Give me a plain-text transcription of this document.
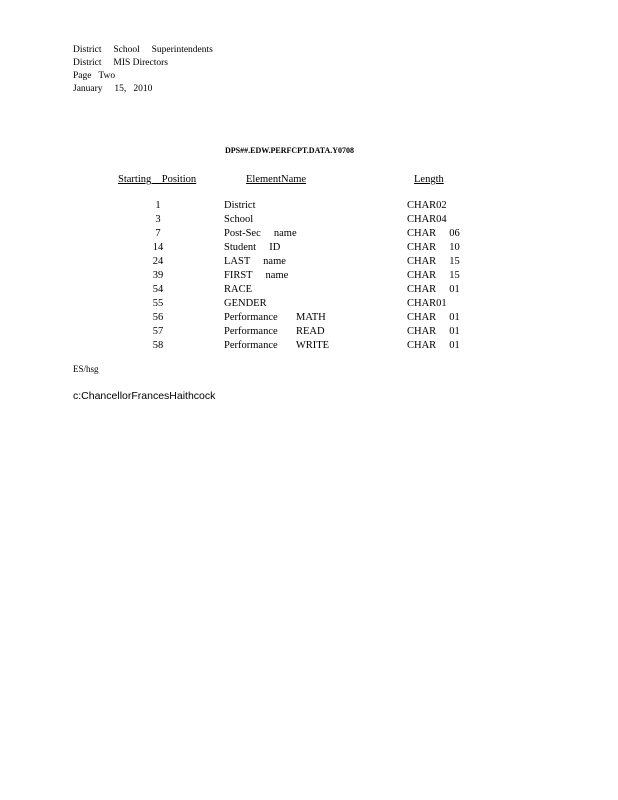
District     School     Superintendents
District     MIS Directors
Page   Two
January     15,   2010
DPS##.EDW.PERFCPT.DATA.Y0708
Starting    Position	ElementName	Length
1	District	CHAR02
3	School	CHAR04
7	Post-Sec     name	CHAR     06
14	Student     ID	CHAR     10
24	LAST     name	CHAR     15
39	FIRST     name	CHAR     15
54	RACE	CHAR     01
55	GENDER	CHAR01
56	Performance       MATH	CHAR     01
57	Performance       READ	CHAR     01
58	Performance       WRITE	CHAR     01
ES/hsg
c:ChancellorFrancesHaithcock
